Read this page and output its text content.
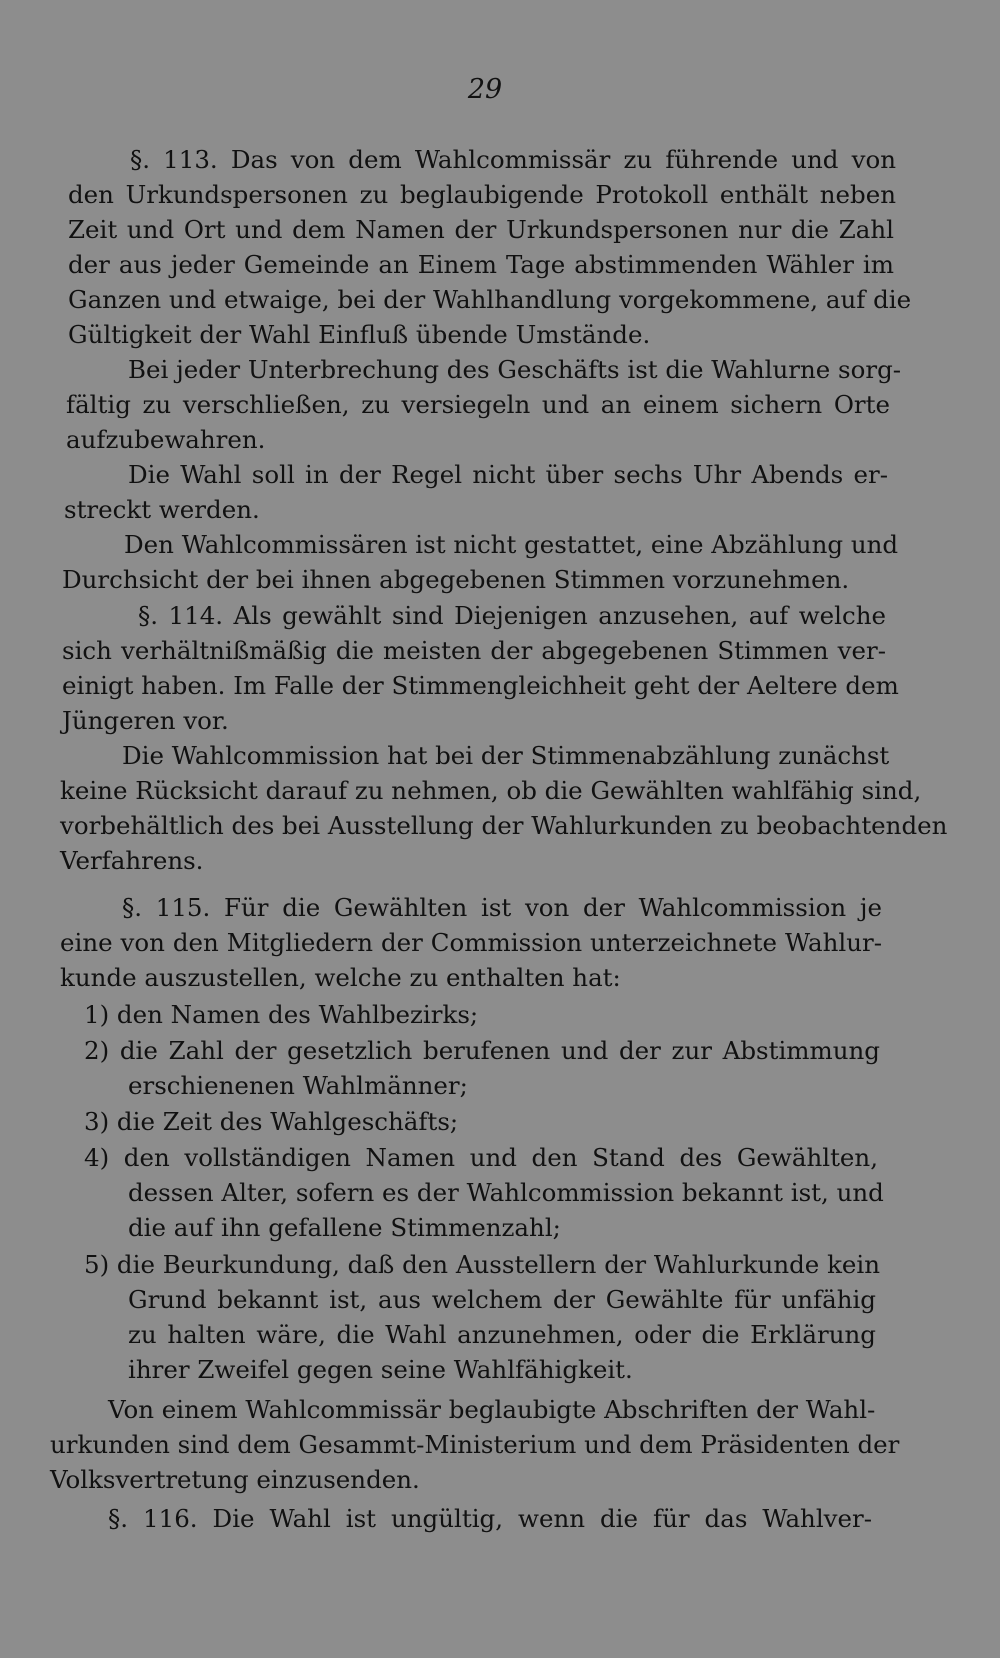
29
§. 113. Das von dem Wahlcommissär zu führende und von
den Urkundspersonen zu beglaubigende Protokoll enthält neben
Zeit und Ort und dem Namen der Urkundspersonen nur die Zahl
der aus jeder Gemeinde an Einem Tage abstimmenden Wähler im
Ganzen und etwaige, bei der Wahlhandlung vorgekommene, auf die
Gültigkeit der Wahl Einfluß übende Umstände.
Bei jeder Unterbrechung des Geschäfts ist die Wahlurne sorg-
fältig zu verschließen, zu versiegeln und an einem sichern Orte
aufzubewahren.
Die Wahl soll in der Regel nicht über sechs Uhr Abends er-
streckt werden.
Den Wahlcommissären ist nicht gestattet, eine Abzählung und
Durchsicht der bei ihnen abgegebenen Stimmen vorzunehmen.
§. 114. Als gewählt sind Diejenigen anzusehen, auf welche
sich verhältnißmäßig die meisten der abgegebenen Stimmen ver-
einigt haben. Im Falle der Stimmengleichheit geht der Aeltere dem
Jüngeren vor.
Die Wahlcommission hat bei der Stimmenabzählung zunächst
keine Rücksicht darauf zu nehmen, ob die Gewählten wahlfähig sind,
vorbehältlich des bei Ausstellung der Wahlurkunden zu beobachtenden
Verfahrens.
§. 115. Für die Gewählten ist von der Wahlcommission je
eine von den Mitgliedern der Commission unterzeichnete Wahlur-
kunde auszustellen, welche zu enthalten hat:
1) den Namen des Wahlbezirks;
2) die Zahl der gesetzlich berufenen und der zur Abstimmung
erschienenen Wahlmänner;
3) die Zeit des Wahlgeschäfts;
4) den vollständigen Namen und den Stand des Gewählten,
dessen Alter, sofern es der Wahlcommission bekannt ist, und
die auf ihn gefallene Stimmenzahl;
5) die Beurkundung, daß den Ausstellern der Wahlurkunde kein
Grund bekannt ist, aus welchem der Gewählte für unfähig
zu halten wäre, die Wahl anzunehmen, oder die Erklärung
ihrer Zweifel gegen seine Wahlfähigkeit.
Von einem Wahlcommissär beglaubigte Abschriften der Wahl-
urkunden sind dem Gesammt-Ministerium und dem Präsidenten der
Volksvertretung einzusenden.
§. 116. Die Wahl ist ungültig, wenn die für das Wahlver-
